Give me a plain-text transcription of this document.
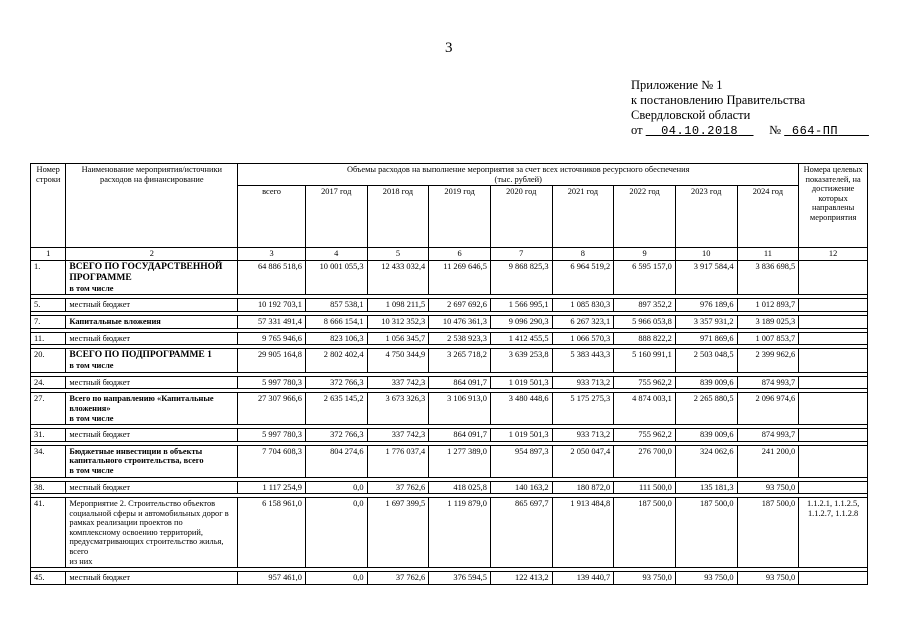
3
Приложение № 1
к постановлению Правительства
Свердловской области
от 04.10.2018 № 664-ПП
Номер строки	Наименование мероприятия/источники расходов на финансирование	Объемы расходов на выполнение мероприятия за счет всех источников ресурсного обеспечения
(тыс. рублей)									Номера целевых показателей, на достижение которых направлены мероприятия
		всего	2017 год	2018 год	2019 год	2020 год	2021 год	2022 год	2023 год	2024 год	
1	2	3	4	5	6	7	8	9	10	11	12
1.	ВСЕГО ПО ГОСУДАРСТВЕННОЙ ПРОГРАММЕ
в том числе	64 886 518,6	10 001 055,3	12 433 032,4	11 269 646,5	9 868 825,3	6 964 519,2	6 595 157,0	3 917 584,4	3 836 698,5	

5.	местный бюджет	10 192 703,1	857 538,1	1 098 211,5	2 697 692,6	1 566 995,1	1 085 830,3	897 352,2	976 189,6	1 012 893,7	

7.	Капитальные вложения	57 331 491,4	8 666 154,1	10 312 352,3	10 476 361,3	9 096 290,3	6 267 323,1	5 966 053,8	3 357 931,2	3 189 025,3	

11.	местный бюджет	9 765 946,6	823 106,3	1 056 345,7	2 538 923,3	1 412 455,5	1 066 570,3	888 822,2	971 869,6	1 007 853,7	

20.	ВСЕГО ПО ПОДПРОГРАММЕ 1
в том числе	29 905 164,8	2 802 402,4	4 750 344,9	3 265 718,2	3 639 253,8	5 383 443,3	5 160 991,1	2 503 048,5	2 399 962,6	

24.	местный бюджет	5 997 780,3	372 766,3	337 742,3	864 091,7	1 019 501,3	933 713,2	755 962,2	839 009,6	874 993,7	

27.	Всего по направлению «Капитальные вложения»
в том числе	27 307 966,6	2 635 145,2	3 673 326,3	3 106 913,0	3 480 448,6	5 175 275,3	4 874 003,1	2 265 880,5	2 096 974,6	

31.	местный бюджет	5 997 780,3	372 766,3	337 742,3	864 091,7	1 019 501,3	933 713,2	755 962,2	839 009,6	874 993,7	

34.	Бюджетные инвестиции в объекты капитального строительства, всего
в том числе	7 704 608,3	804 274,6	1 776 037,4	1 277 389,0	954 897,3	2 050 047,4	276 700,0	324 062,6	241 200,0	

38.	местный бюджет	1 117 254,9	0,0	37 762,6	418 025,8	140 163,2	180 872,0	111 500,0	135 181,3	93 750,0	

41.	Мероприятие 2. Строительство объектов социальной сферы и автомобильных дорог в рамках реализации проектов по комплексному освоению территорий, предусматривающих строительство жилья, всего
из них	6 158 961,0	0,0	1 697 399,5	1 119 879,0	865 697,7	1 913 484,8	187 500,0	187 500,0	187 500,0	1.1.2.1, 1.1.2.5, 1.1.2.7, 1.1.2.8

45.	местный бюджет	957 461,0	0,0	37 762,6	376 594,5	122 413,2	139 440,7	93 750,0	93 750,0	93 750,0	
